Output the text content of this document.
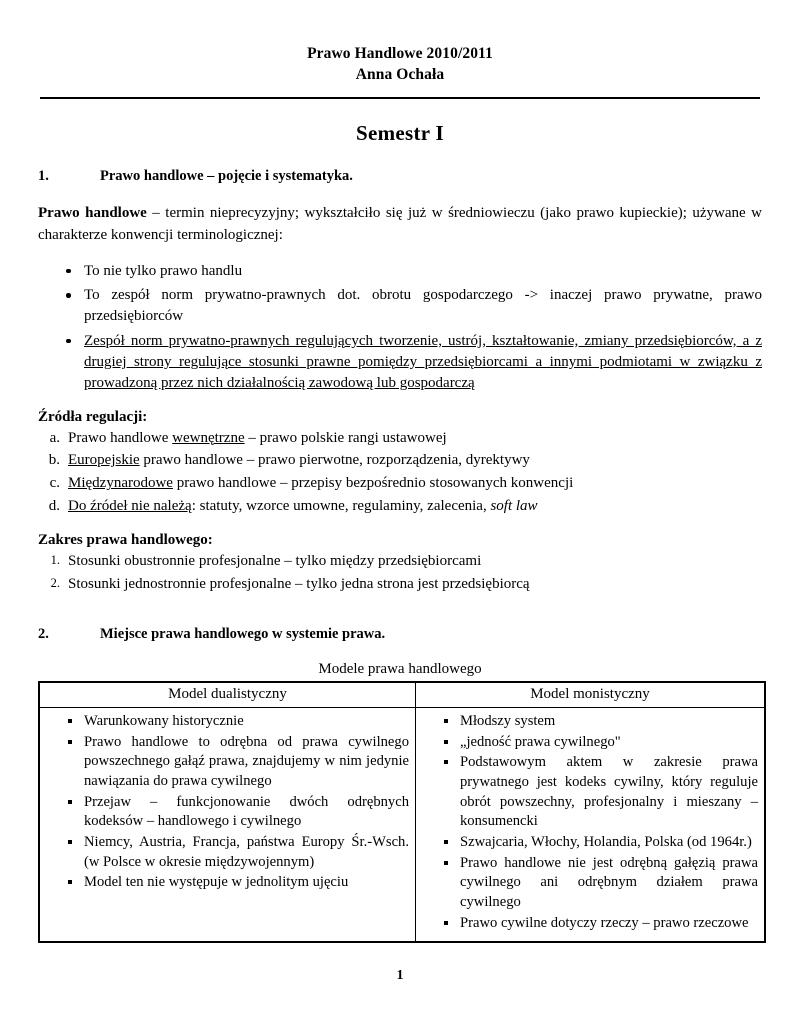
Prawo Handlowe 2010/2011
Anna Ochała
Semestr I
1.	Prawo handlowe – pojęcie i systematyka.

Prawo handlowe – termin nieprecyzyjny; wykształciło się już w średniowieczu (jako prawo kupieckie); używane w charakterze konwencji terminologicznej:

To nie tylko prawo handlu
To zespół norm prywatno-prawnych dot. obrotu gospodarczego -> inaczej prawo prywatne, prawo przedsiębiorców
Zespół norm prywatno-prawnych regulujących tworzenie, ustrój, kształtowanie, zmiany przedsiębiorców, a z drugiej strony regulujące stosunki prawne pomiędzy przedsiębiorcami a innymi podmiotami w związku z prowadzoną przez nich działalnością zawodową lub gospodarczą
Źródła regulacji:
a. Prawo handlowe wewnętrzne – prawo polskie rangi ustawowej
b. Europejskie prawo handlowe – prawo pierwotne, rozporządzenia, dyrektywy
c. Międzynarodowe prawo handlowe – przepisy bezpośrednio stosowanych konwencji
d. Do źródeł nie należą: statuty, wzorce umowne, regulaminy, zalecenia, soft law
Zakres prawa handlowego:
1. Stosunki obustronnie profesjonalne – tylko między przedsiębiorcami
2. Stosunki jednostronnie profesjonalne – tylko jedna strona jest przedsiębiorcą
2.	Miejsce prawa handlowego w systemie prawa.
Modele prawa handlowego
Model dualistyczny	Model monistyczny

Warunkowany historycznie
Prawo handlowe to odrębna od prawa cywilnego powszechnego gałąź prawa, znajdujemy w nim jedynie nawiązania do prawa cywilnego
Przejaw – funkcjonowanie dwóch odrębnych kodeksów – handlowego i cywilnego
Niemcy, Austria, Francja, państwa Europy Śr.-Wsch. (w Polsce w okresie międzywojennym)
Model ten nie występuje w jednolitym ujęciu

Młodszy system
„jedność prawa cywilnego"
Podstawowym aktem w zakresie prawa prywatnego jest kodeks cywilny, który reguluje obrót powszechny, profesjonalny i mieszany – konsumencki
Szwajcaria, Włochy, Holandia, Polska (od 1964r.)
Prawo handlowe nie jest odrębną gałęzią prawa cywilnego ani odrębnym działem prawa cywilnego
Prawo cywilne dotyczy rzeczy – prawo rzeczowe
1
